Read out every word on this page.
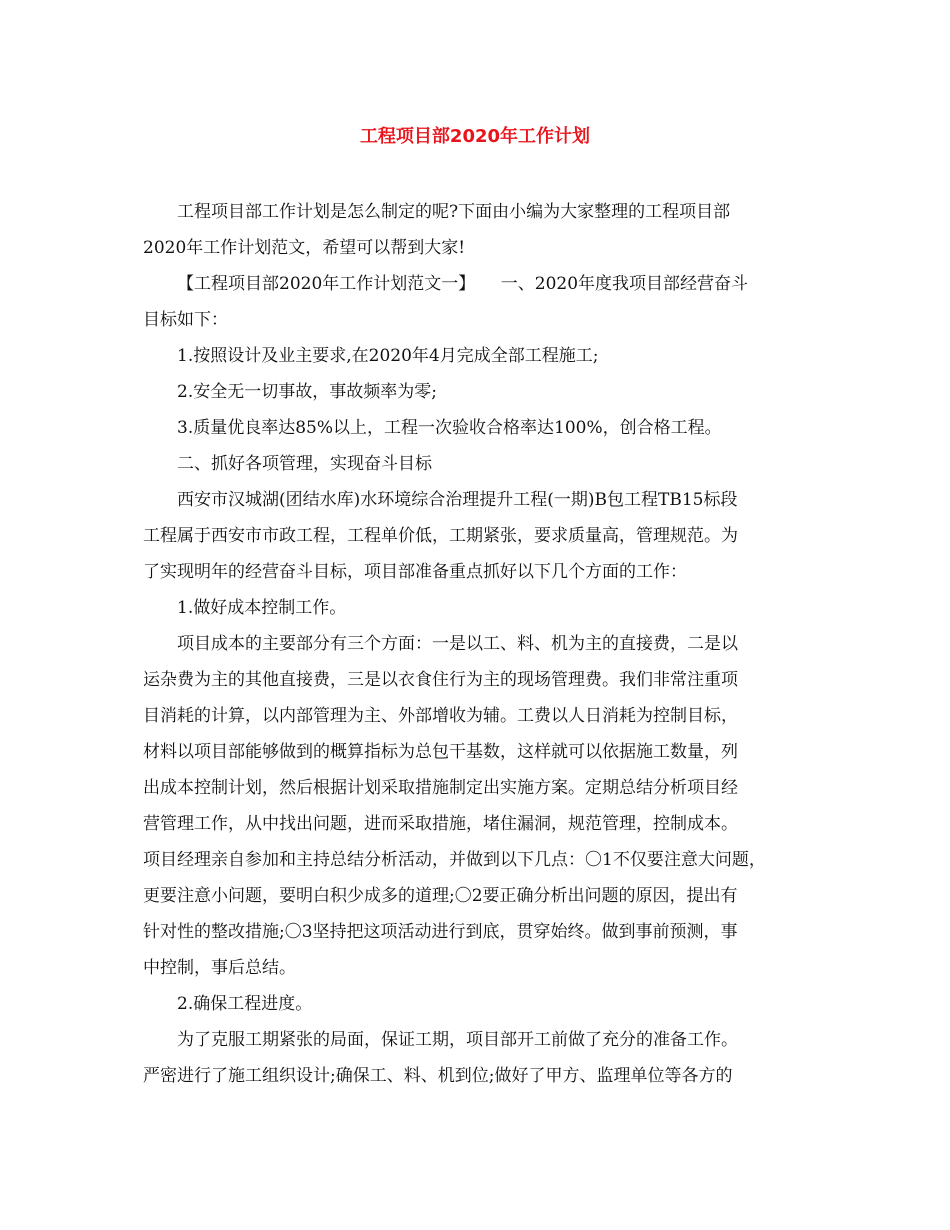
工程项目部2020年工作计划
工程项目部工作计划是怎么制定的呢?下面由小编为大家整理的工程项目部
2020年工作计划范文，希望可以帮到大家!
【工程项目部2020年工作计划范文一】　　一、2020年度我项目部经营奋斗
目标如下：
1.按照设计及业主要求,在2020年4月完成全部工程施工;
2.安全无一切事故，事故频率为零;
3.质量优良率达85%以上，工程一次验收合格率达100%，创合格工程。
二、抓好各项管理，实现奋斗目标
西安市汉城湖(团结水库)水环境综合治理提升工程(一期)B包工程TB15标段
工程属于西安市市政工程，工程单价低，工期紧张，要求质量高，管理规范。为
了实现明年的经营奋斗目标，项目部准备重点抓好以下几个方面的工作：
1.做好成本控制工作。
项目成本的主要部分有三个方面：一是以工、料、机为主的直接费，二是以
运杂费为主的其他直接费，三是以衣食住行为主的现场管理费。我们非常注重项
目消耗的计算，以内部管理为主、外部增收为辅。工费以人日消耗为控制目标，
材料以项目部能够做到的概算指标为总包干基数，这样就可以依据施工数量，列
出成本控制计划，然后根据计划采取措施制定出实施方案。定期总结分析项目经
营管理工作，从中找出问题，进而采取措施，堵住漏洞，规范管理，控制成本。
项目经理亲自参加和主持总结分析活动，并做到以下几点：〇1不仅要注意大问题，
更要注意小问题，要明白积少成多的道理;〇2要正确分析出问题的原因，提出有
针对性的整改措施;〇3坚持把这项活动进行到底，贯穿始终。做到事前预测，事
中控制，事后总结。
2.确保工程进度。
为了克服工期紧张的局面，保证工期，项目部开工前做了充分的准备工作。
严密进行了施工组织设计;确保工、料、机到位;做好了甲方、监理单位等各方的
